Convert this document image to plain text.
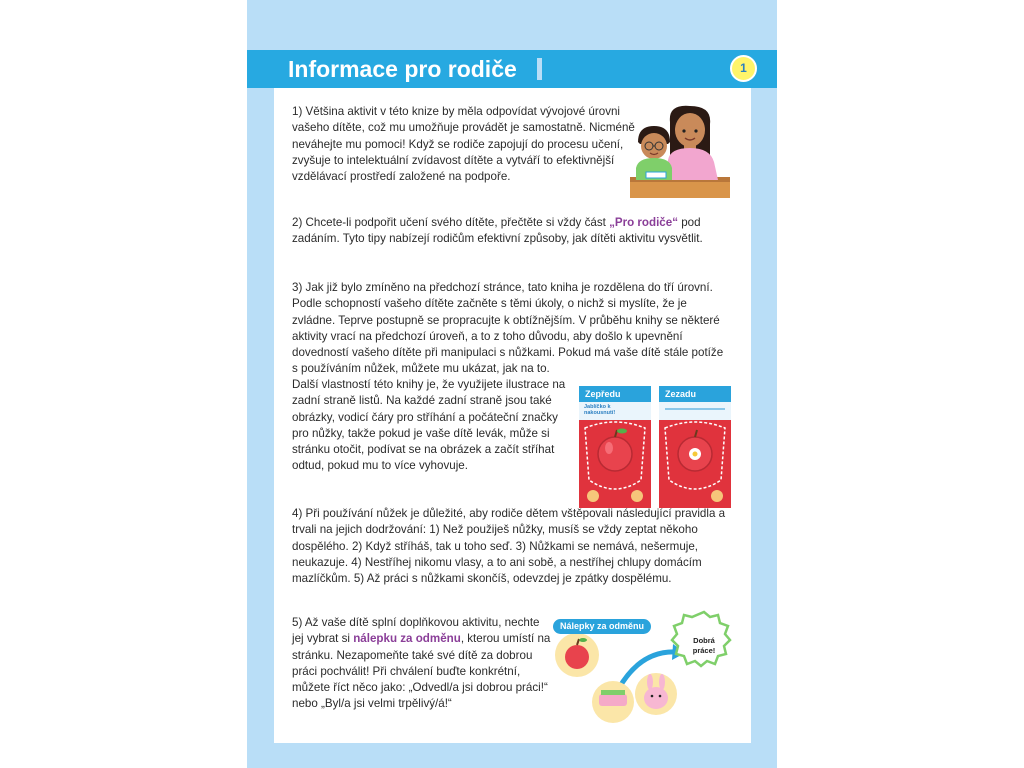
Informace pro rodiče	1

1) Většina aktivit v této knize by měla odpovídat vývojové úrovni vašeho dítěte, což mu umožňuje provádět je samostatně. Nicméně neváhejte mu pomoci! Když se rodiče zapojují do procesu učení, zvyšuje to intelektuální zvídavost dítěte a vytváří to efektivnější vzdělávací prostředí založené na podpoře.

2) Chcete-li podpořit učení svého dítěte, přečtěte si vždy část „Pro rodiče“ pod zadáním. Tyto tipy nabízejí rodičům efektivní způsoby, jak dítěti aktivitu vysvětlit.

3) Jak již bylo zmíněno na předchozí stránce, tato kniha je rozdělena do tří úrovní. Podle schopností vašeho dítěte začněte s těmi úkoly, o nichž si myslíte, že je zvládne. Teprve postupně se propracujte k obtížnějším. V průběhu knihy se některé aktivity vrací na předchozí úroveň, a to z toho důvodu, aby došlo k upevnění dovedností vašeho dítěte při manipulaci s nůžkami. Pokud má vaše dítě stále potíže s používáním nůžek, můžete mu ukázat, jak na to.

Další vlastností této knihy je, že využijete ilustrace na zadní straně listů. Na každé zadní straně jsou také obrázky, vodicí čáry pro stříhání a počáteční značky pro nůžky, takže pokud je vaše dítě levák, může si stránku otočit, podívat se na obrázek a začít stříhat odtud, pokud mu to více vyhovuje.

Zepředu
Jablíčko k nakousnutí!
Zezadu

4) Při používání nůžek je důležité, aby rodiče dětem vštěpovali následující pravidla a trvali na jejich dodržování: 1) Než použiješ nůžky, musíš se vždy zeptat někoho dospělého. 2) Když stříháš, tak u toho seď. 3) Nůžkami se nemává, nešermuje, neukazuje. 4) Nestříhej nikomu vlasy, a to ani sobě, a nestříhej chlupy domácím mazlíčkům. 5) Až práci s nůžkami skončíš, odevzdej je zpátky dospělému.

5) Až vaše dítě splní doplňkovou aktivitu, nechte jej vybrat si nálepku za odměnu, kterou umístí na stránku. Nezapomeňte také své dítě za dobrou práci pochválit! Při chválení buďte konkrétní, můžete říct něco jako: „Odvedl/a jsi dobrou práci!“ nebo „Byl/a jsi velmi trpělivý/á!“

Nálepky za odměnu
Dobrá práce!
